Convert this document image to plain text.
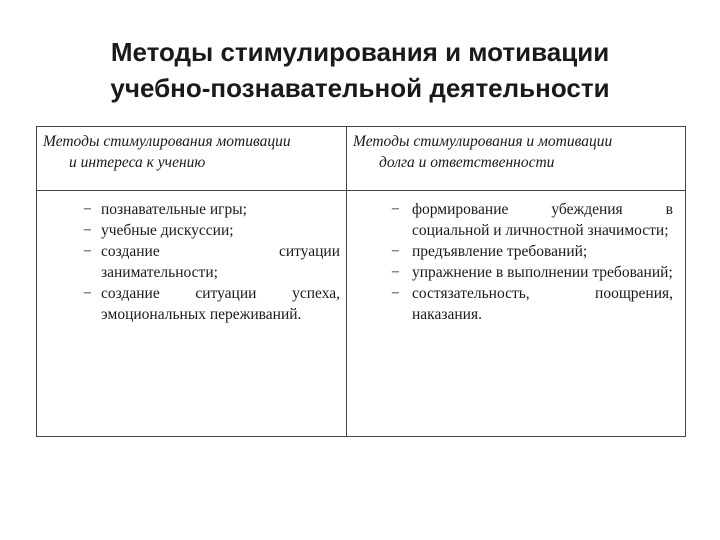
Методы стимулирования и мотивации
учебно-познавательной деятельности
Методы стимулирования мотивации
и интереса к учению
Методы стимулирования и мотивации
долга и ответственности
− познавательные игры;
− учебные дискуссии;
− создание ситуации занимательности;
− создание ситуации успеха, эмоциональных переживаний.
− формирование убеждения в социальной и личностной значимости;
− предъявление требований;
− упражнение в выполнении требований;
− состязательность, поощрения, наказания.
